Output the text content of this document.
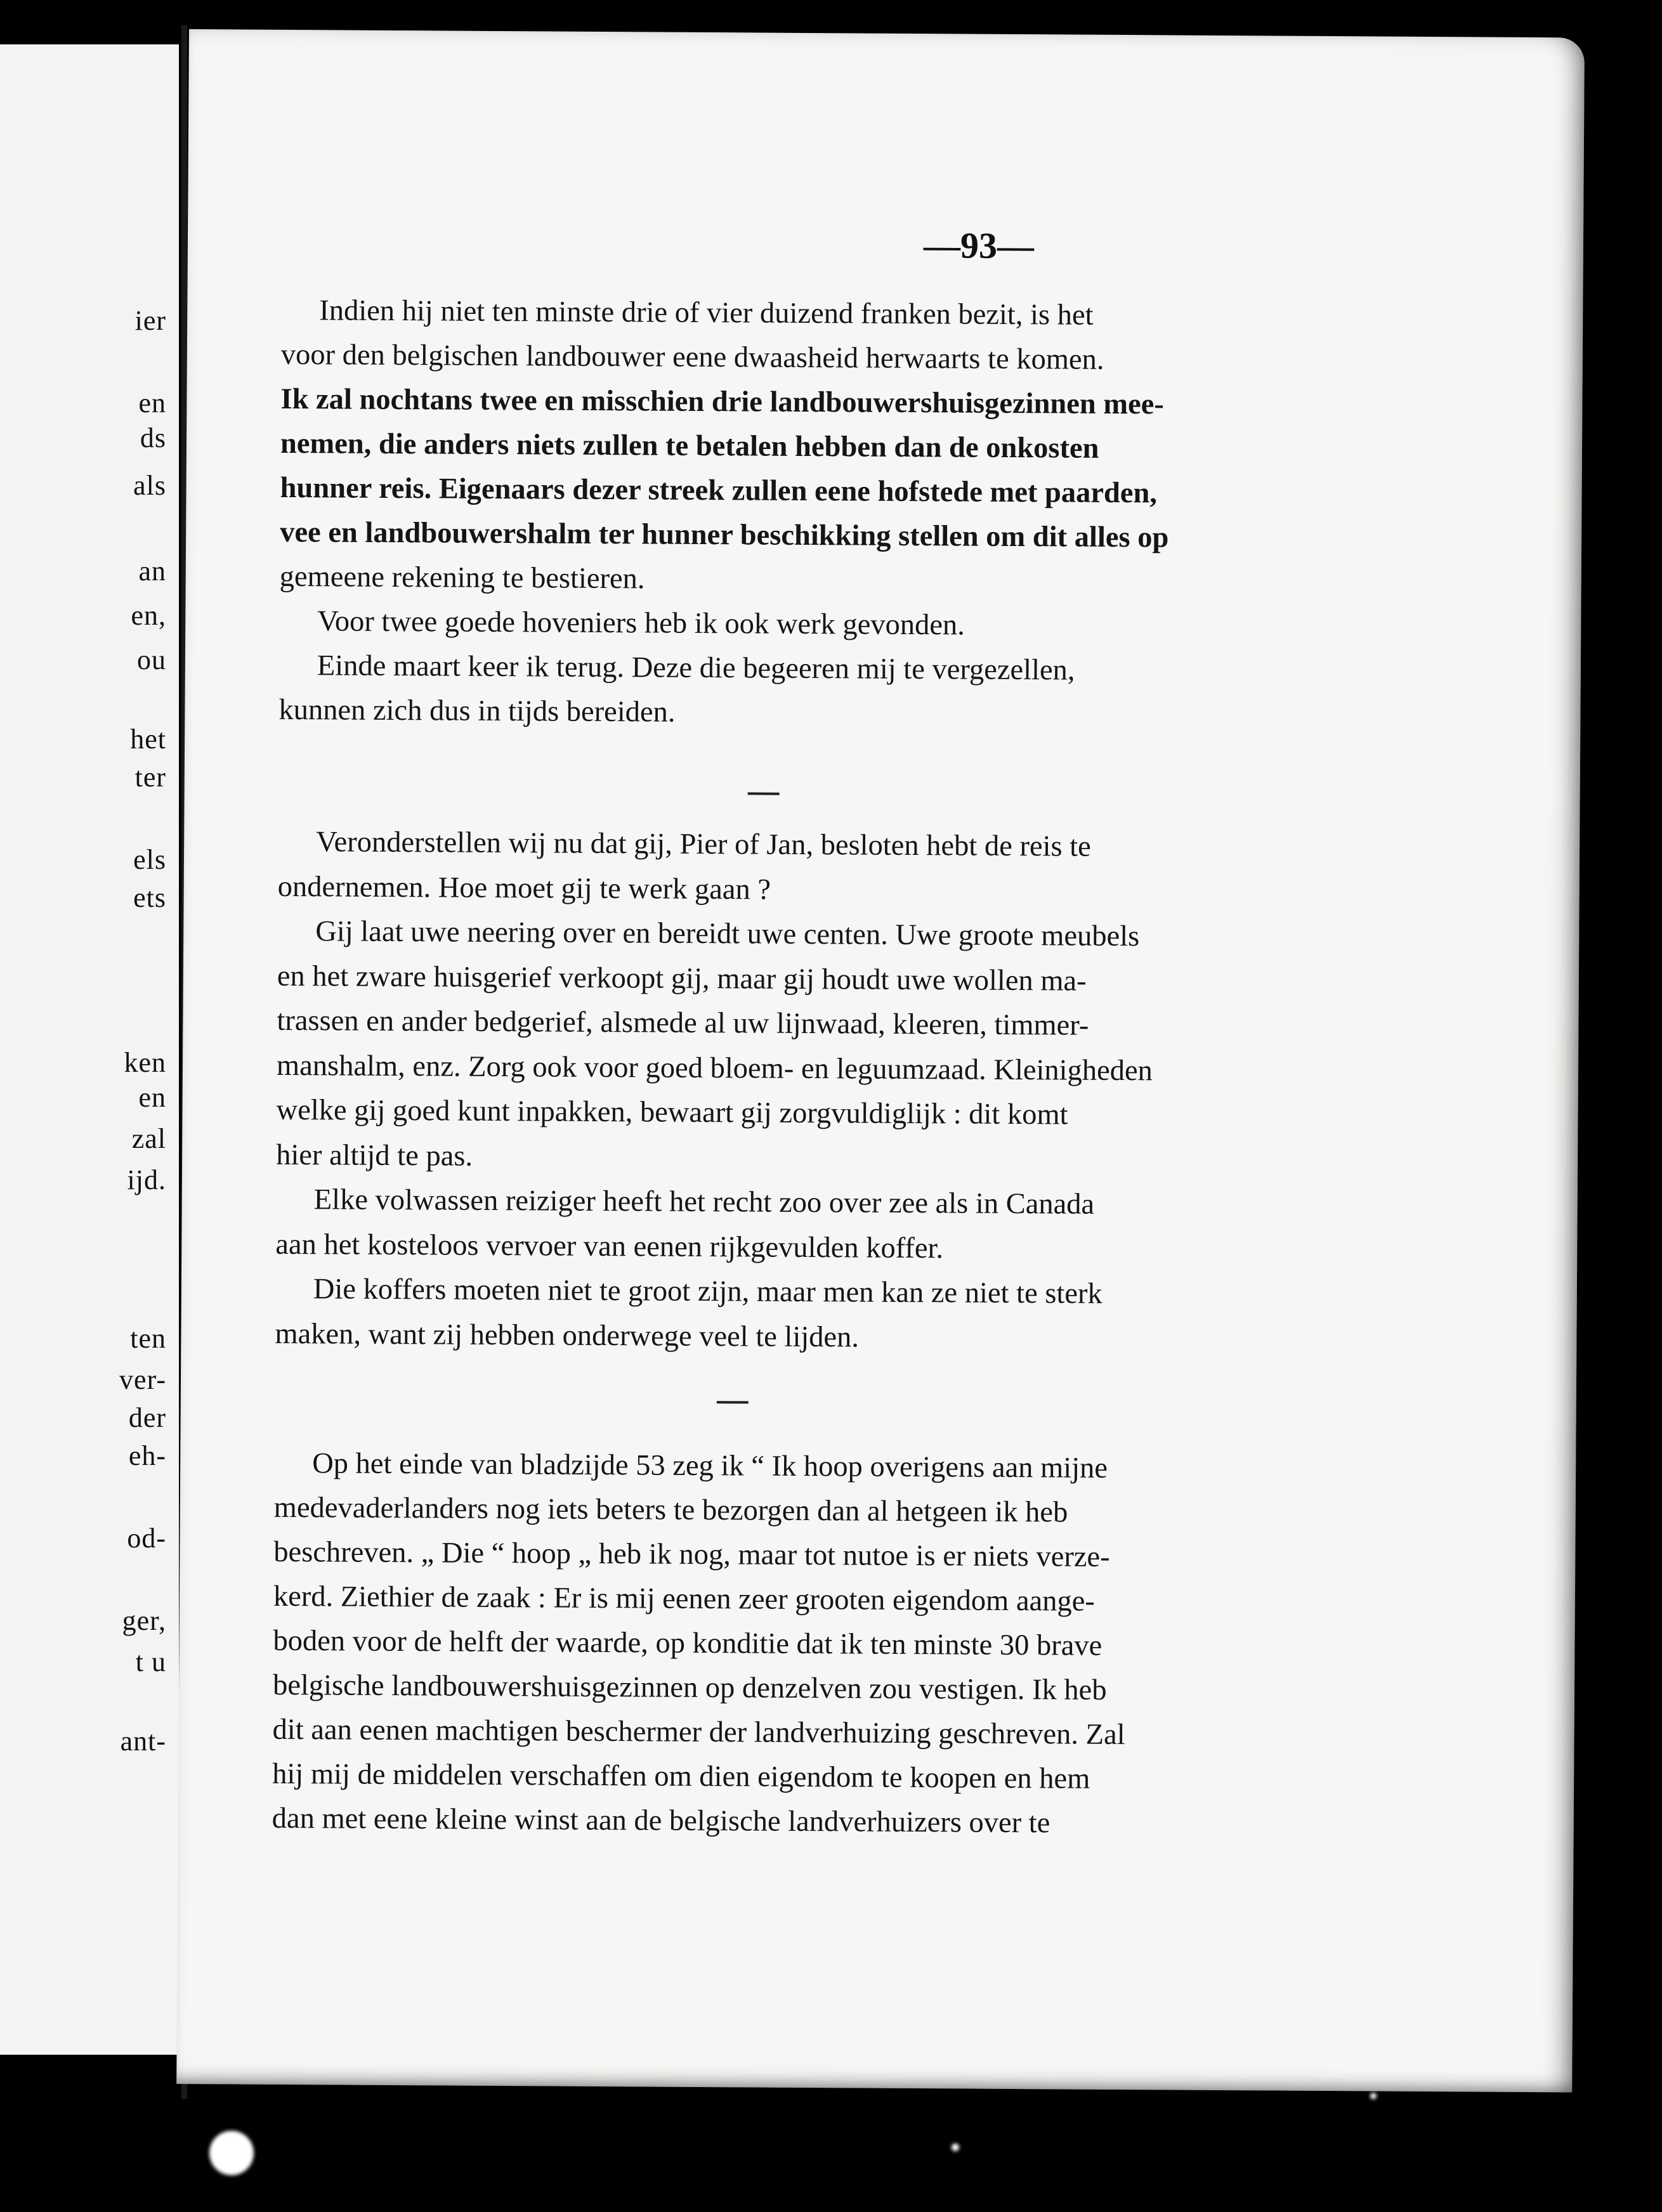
ier
en
ds
als
an
en,
ou
het
ter
els
ets
ken
en
zal
ijd.
ten
ver-
der
eh-
od-
ger,
t u
ant-
—93—
Indien hij niet ten minste drie of vier duizend franken bezit, is het
voor den belgischen landbouwer eene dwaasheid herwaarts te komen.
Ik zal nochtans twee en misschien drie landbouwershuisgezinnen mee-
nemen, die anders niets zullen te betalen hebben dan de onkosten
hunner reis. Eigenaars dezer streek zullen eene hofstede met paarden,
vee en landbouwershalm ter hunner beschikking stellen om dit alles op
gemeene rekening te bestieren.
Voor twee goede hoveniers heb ik ook werk gevonden.
Einde maart keer ik terug. Deze die begeeren mij te vergezellen,
kunnen zich dus in tijds bereiden.
Veronderstellen wij nu dat gij, Pier of Jan, besloten hebt de reis te
ondernemen. Hoe moet gij te werk gaan ?
Gij laat uwe neering over en bereidt uwe centen. Uwe groote meubels
en het zware huisgerief verkoopt gij, maar gij houdt uwe wollen ma-
trassen en ander bedgerief, alsmede al uw lijnwaad, kleeren, timmer-
manshalm, enz. Zorg ook voor goed bloem- en leguumzaad. Kleinigheden
welke gij goed kunt inpakken, bewaart gij zorgvuldiglijk : dit komt
hier altijd te pas.
Elke volwassen reiziger heeft het recht zoo over zee als in Canada
aan het kosteloos vervoer van eenen rijkgevulden koffer.
Die koffers moeten niet te groot zijn, maar men kan ze niet te sterk
maken, want zij hebben onderwege veel te lijden.
Op het einde van bladzijde 53 zeg ik “ Ik hoop overigens aan mijne
medevaderlanders nog iets beters te bezorgen dan al hetgeen ik heb
beschreven. „ Die “ hoop „ heb ik nog, maar tot nutoe is er niets verze-
kerd. Ziethier de zaak : Er is mij eenen zeer grooten eigendom aange-
boden voor de helft der waarde, op konditie dat ik ten minste 30 brave
belgische landbouwershuisgezinnen op denzelven zou vestigen. Ik heb
dit aan eenen machtigen beschermer der landverhuizing geschreven. Zal
hij mij de middelen verschaffen om dien eigendom te koopen en hem
dan met eene kleine winst aan de belgische landverhuizers over te
